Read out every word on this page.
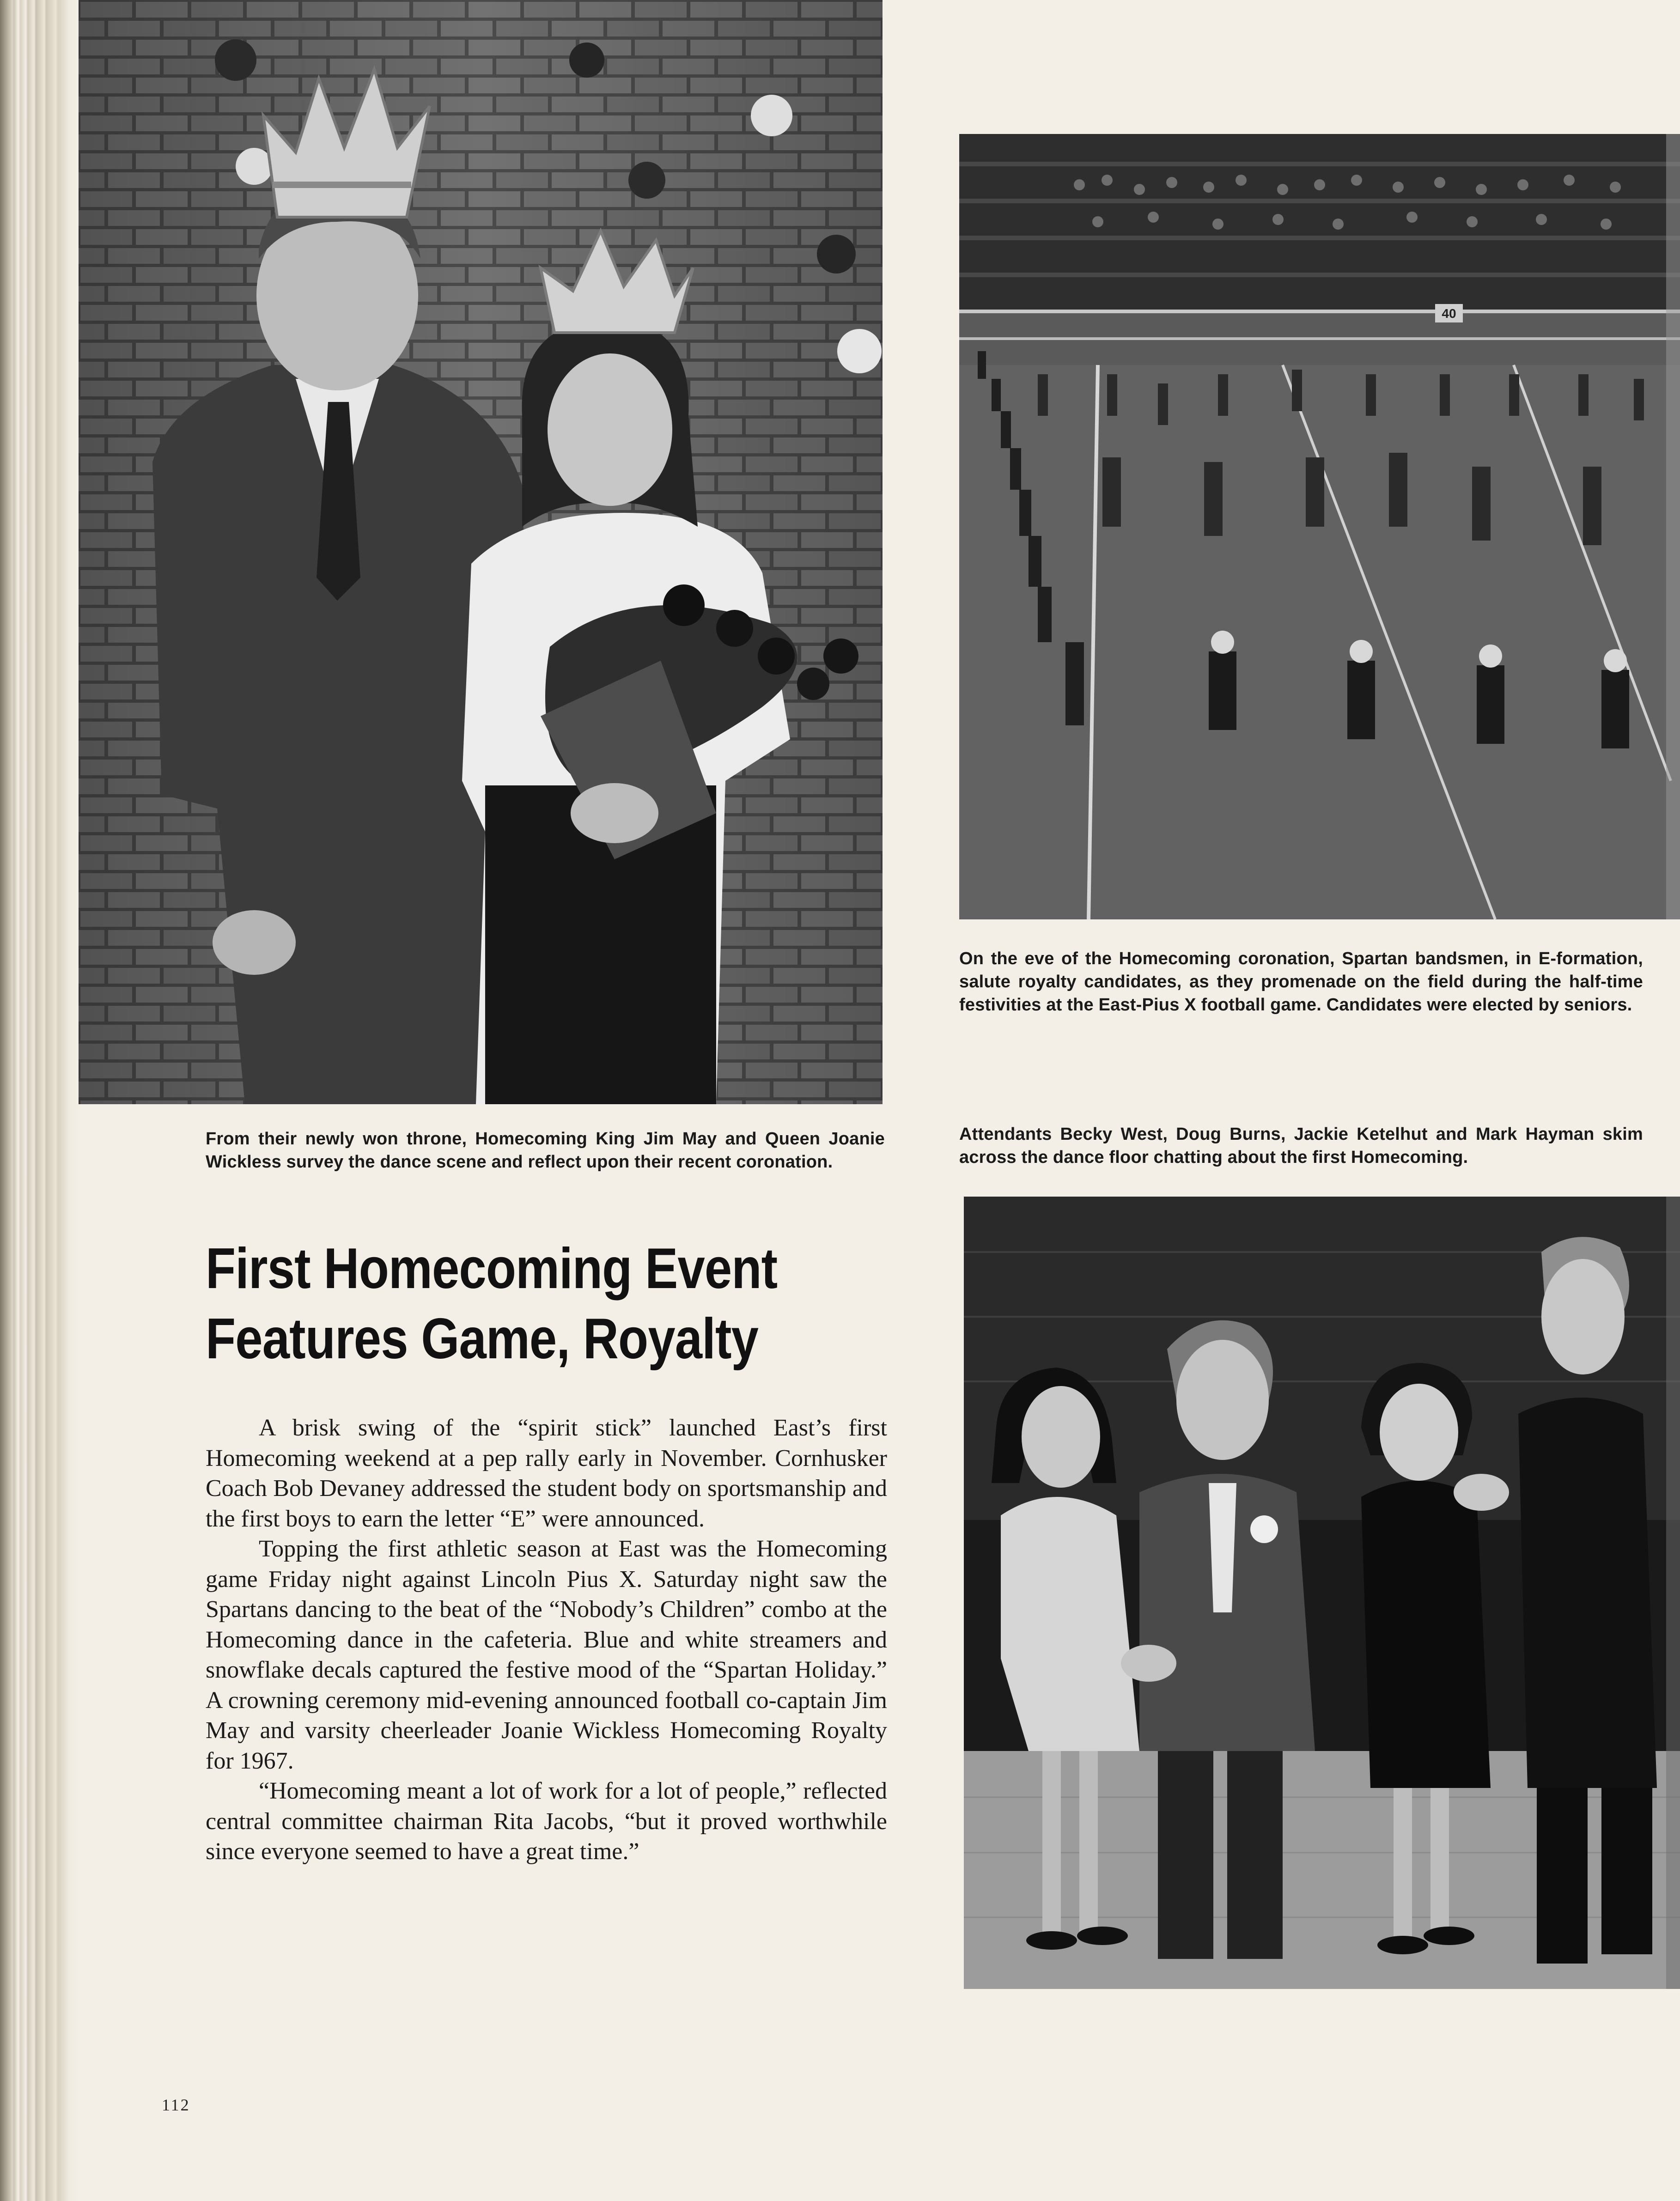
40
From their newly won throne, Homecoming King Jim May and Queen Joanie Wickless survey the dance scene and reflect upon their recent coronation.
On the eve of the Homecoming coronation, Spartan bandsmen, in E-formation, salute royalty candidates, as they promenade on the field during the half-time festivities at the East-Pius X football game. Candidates were elected by seniors.
Attendants Becky West, Doug Burns, Jackie Ketelhut and Mark Hayman skim across the dance floor chatting about the first Homecoming.
First Homecoming Event
Features Game, Royalty

A brisk swing of the “spirit stick” launched East’s first Homecoming weekend at a pep rally early in November. Cornhusker Coach Bob Devaney addressed the student body on sportsmanship and the first boys to earn the letter “E” were announced.

Topping the first athletic season at East was the Homecoming game Friday night against Lincoln Pius X. Saturday night saw the Spartans dancing to the beat of the “Nobody’s Children” combo at the Homecoming dance in the cafeteria. Blue and white streamers and snowflake decals captured the festive mood of the “Spartan Holiday.” A crowning ceremony mid-evening announced football co-captain Jim May and varsity cheerleader Joanie Wickless Homecoming Royalty for 1967.

“Homecoming meant a lot of work for a lot of people,” reflected central committee chairman Rita Jacobs, “but it proved worthwhile since everyone seemed to have a great time.”

112
